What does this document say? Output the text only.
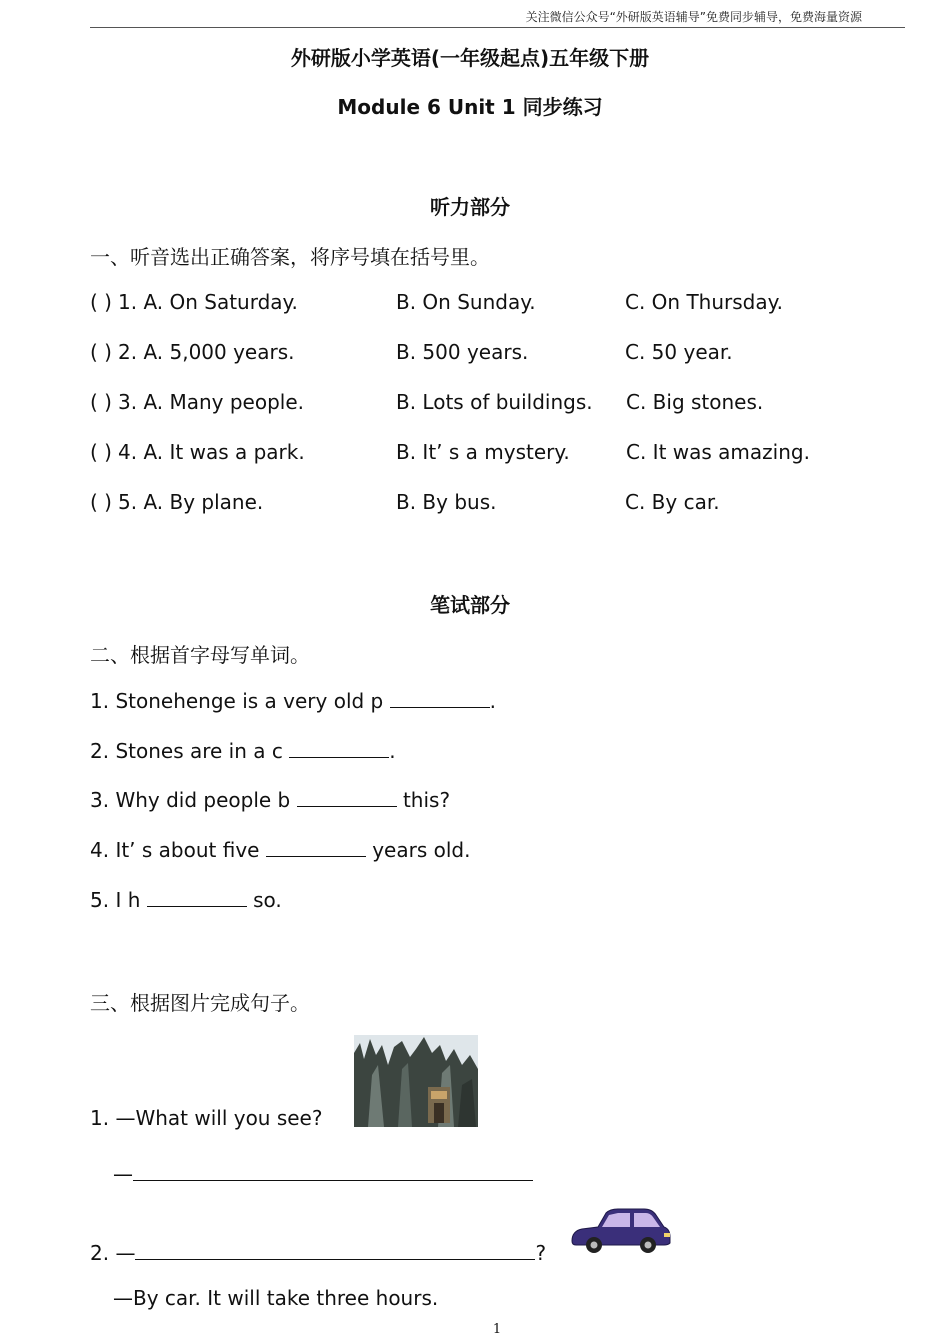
关注微信公众号“外研版英语辅导”免费同步辅导，免费海量资源
外研版小学英语(一年级起点)五年级下册
Module 6 Unit 1 同步练习
听力部分
一、听音选出正确答案，将序号填在括号里。
( ) 1. A. On Saturday.	B. On Sunday.	C. On Thursday.
( ) 2. A. 5,000 years.	B. 500 years.	C. 50 year.
( ) 3. A. Many people.	B. Lots of buildings. C. Big stones.
( ) 4. A. It was a park.	B. It’ s a mystery.	C. It was amazing.
( ) 5. A. By plane.	B. By bus.	C. By car.
笔试部分
二、根据首字母写单词。
1. Stonehenge is a very old p	.
2. Stones are in a c	.
3. Why did people b	this?
4. It’ s about five	years old.
5. I h	so.
三、根据图片完成句子。
1. —What will you see?
—
2. —	?
—By car. It will take three hours.
1
